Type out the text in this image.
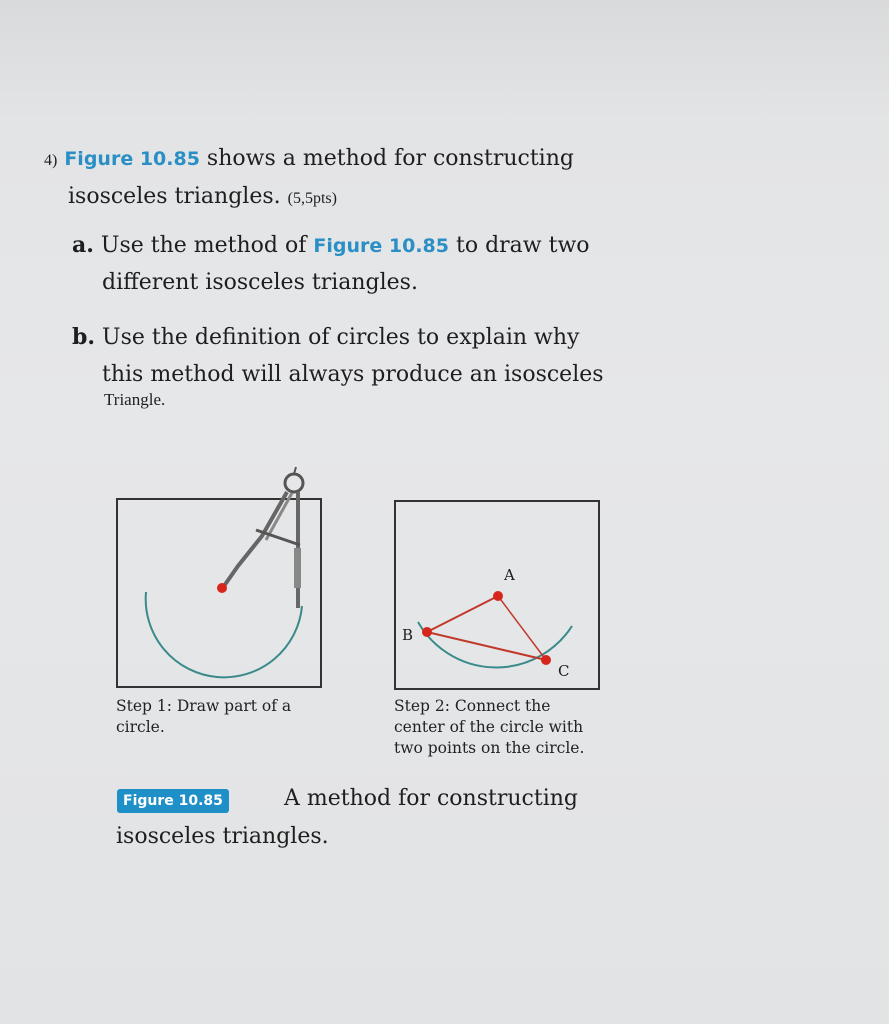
4) Figure 10.85 shows a method for constructing
isosceles triangles. (5,5pts)
a. Use the method of Figure 10.85 to draw two
different isosceles triangles.
b. Use the definition of circles to explain why
this method will always produce an isosceles
Triangle.
A
B
C
Step 1: Draw part of a
circle.
Step 2: Connect the
center of the circle with
two points on the circle.
Figure 10.85	A method for constructing
isosceles triangles.
